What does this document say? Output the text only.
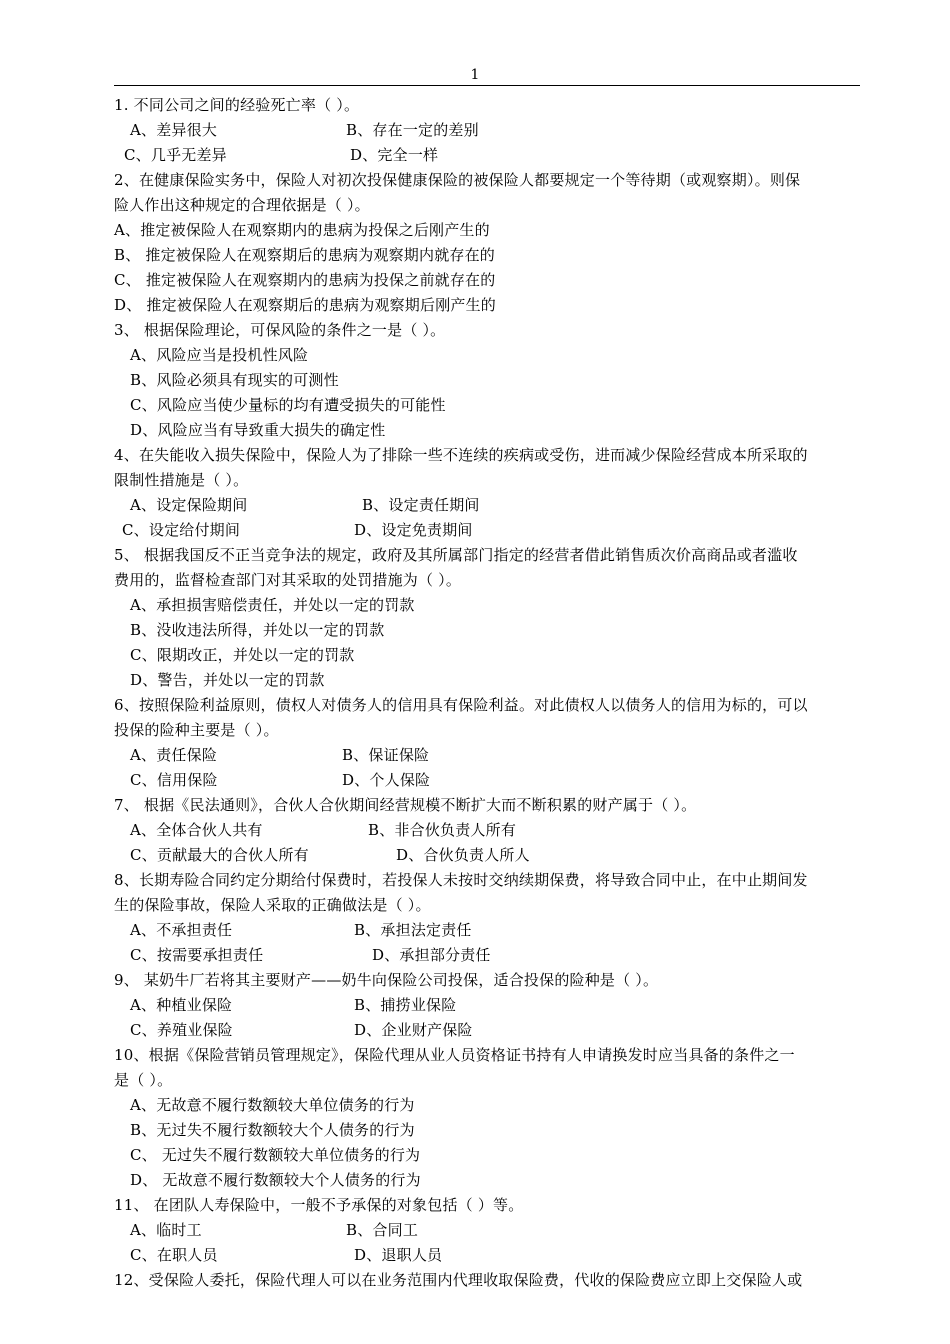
1
1. 不同公司之间的经验死亡率（ ）。
A、差异很大	B、存在一定的差别
C、几乎无差异	D、完全一样
2、在健康保险实务中，保险人对初次投保健康保险的被保险人都要规定一个等待期（或观察期）。则保
险人作出这种规定的合理依据是（ ）。
A、推定被保险人在观察期内的患病为投保之后刚产生的
B、 推定被保险人在观察期后的患病为观察期内就存在的
C、 推定被保险人在观察期内的患病为投保之前就存在的
D、 推定被保险人在观察期后的患病为观察期后刚产生的
3、 根据保险理论，可保风险的条件之一是（ ）。
A、风险应当是投机性风险
B、风险必须具有现实的可测性
C、风险应当使少量标的均有遭受损失的可能性
D、风险应当有导致重大损失的确定性
4、在失能收入损失保险中，保险人为了排除一些不连续的疾病或受伤，进而减少保险经营成本所采取的
限制性措施是（ ）。
A、设定保险期间	B、设定责任期间
C、设定给付期间	D、设定免责期间
5、 根据我国反不正当竞争法的规定，政府及其所属部门指定的经营者借此销售质次价高商品或者滥收
费用的，监督检查部门对其采取的处罚措施为（ ）。
A、承担损害赔偿责任，并处以一定的罚款
B、没收违法所得，并处以一定的罚款
C、限期改正，并处以一定的罚款
D、警告，并处以一定的罚款
6、按照保险利益原则，债权人对债务人的信用具有保险利益。对此债权人以债务人的信用为标的，可以
投保的险种主要是（ ）。
A、责任保险	B、保证保险
C、信用保险	D、个人保险
7、 根据《民法通则》，合伙人合伙期间经营规模不断扩大而不断积累的财产属于（ ）。
A、全体合伙人共有	B、非合伙负责人所有
C、贡献最大的合伙人所有	D、合伙负责人所人
8、长期寿险合同约定分期给付保费时，若投保人未按时交纳续期保费，将导致合同中止，在中止期间发
生的保险事故，保险人采取的正确做法是（ ）。
A、不承担责任	B、承担法定责任
C、按需要承担责任	D、承担部分责任
9、 某奶牛厂若将其主要财产——奶牛向保险公司投保，适合投保的险种是（ ）。
A、种植业保险	B、捕捞业保险
C、养殖业保险	D、企业财产保险
10、根据《保险营销员管理规定》，保险代理从业人员资格证书持有人申请换发时应当具备的条件之一
是（ ）。
A、无故意不履行数额较大单位债务的行为
B、无过失不履行数额较大个人债务的行为
C、 无过失不履行数额较大单位债务的行为
D、 无故意不履行数额较大个人债务的行为
11、 在团队人寿保险中，一般不予承保的对象包括（ ）等。
A、临时工	B、合同工
C、在职人员	D、退职人员
12、受保险人委托，保险代理人可以在业务范围内代理收取保险费，代收的保险费应立即上交保险人或
